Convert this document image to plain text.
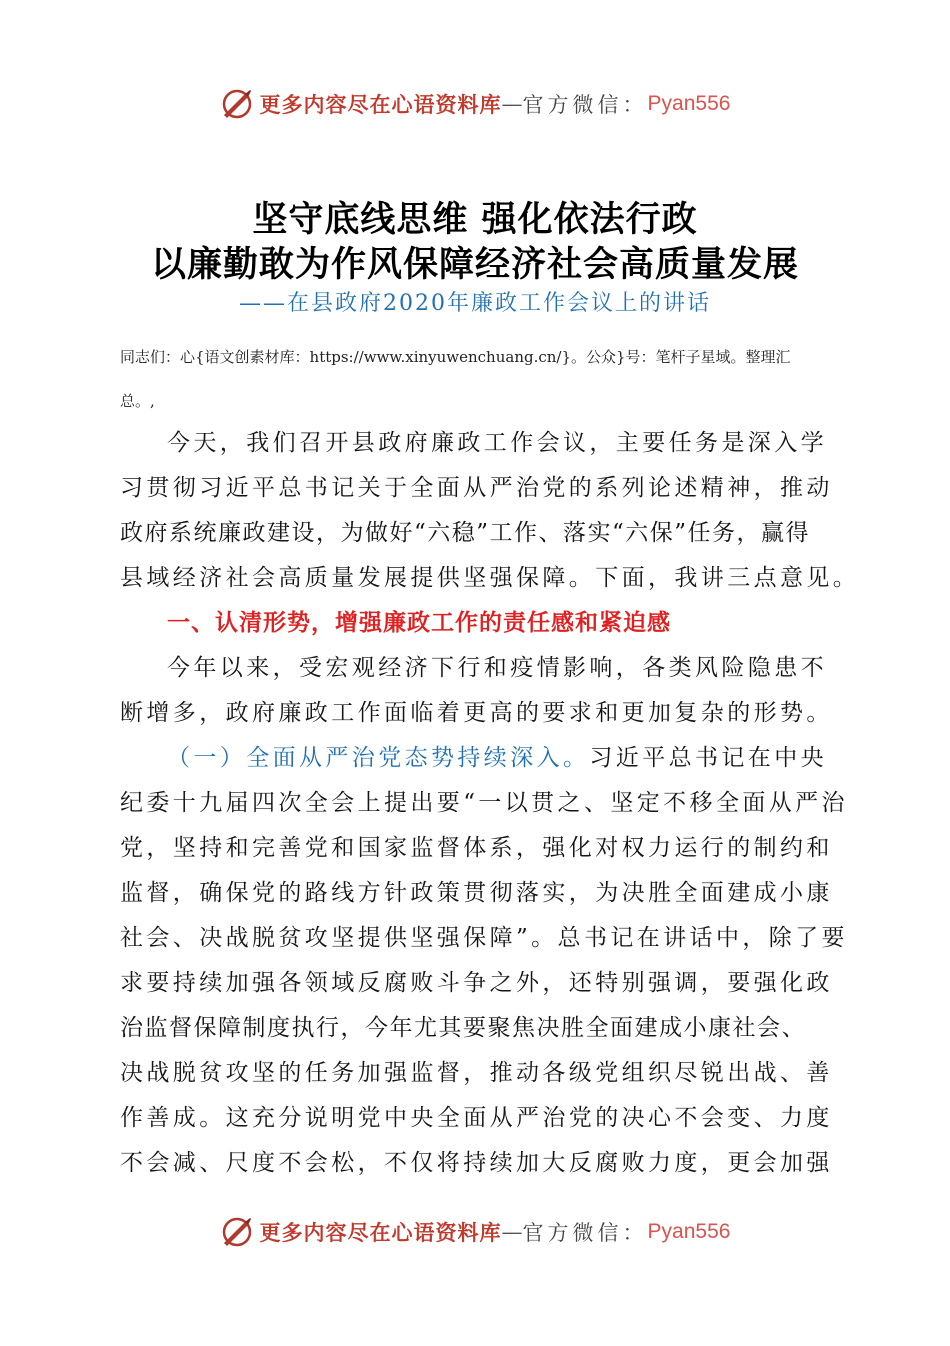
更多内容尽在心语资料库 — 官方微信： Pyan556
坚守底线思维 强化依法行政
以廉勤敢为作风保障经济社会高质量发展
——在县政府2020年廉政工作会议上的讲话
同志们：心{语文创素材库：https://www.xinyuwenchuang.cn/}。公众}号：笔杆子星域。整理汇
总。,
今天，我们召开县政府廉政工作会议，主要任务是深入学
习贯彻习近平总书记关于全面从严治党的系列论述精神，推动
政府系统廉政建设，为做好“六稳”工作、落实“六保”任务，赢得
县域经济社会高质量发展提供坚强保障。下面，我讲三点意见。
一、认清形势，增强廉政工作的责任感和紧迫感
今年以来，受宏观经济下行和疫情影响，各类风险隐患不
断增多，政府廉政工作面临着更高的要求和更加复杂的形势。
（一）全面从严治党态势持续深入。习近平总书记在中央
纪委十九届四次全会上提出要“一以贯之、坚定不移全面从严治
党，坚持和完善党和国家监督体系，强化对权力运行的制约和
监督，确保党的路线方针政策贯彻落实，为决胜全面建成小康
社会、决战脱贫攻坚提供坚强保障”。总书记在讲话中，除了要
求要持续加强各领域反腐败斗争之外，还特别强调，要强化政
治监督保障制度执行，今年尤其要聚焦决胜全面建成小康社会、
决战脱贫攻坚的任务加强监督，推动各级党组织尽锐出战、善
作善成。这充分说明党中央全面从严治党的决心不会变、力度
不会减、尺度不会松，不仅将持续加大反腐败力度，更会加强
更多内容尽在心语资料库 — 官方微信： Pyan556
